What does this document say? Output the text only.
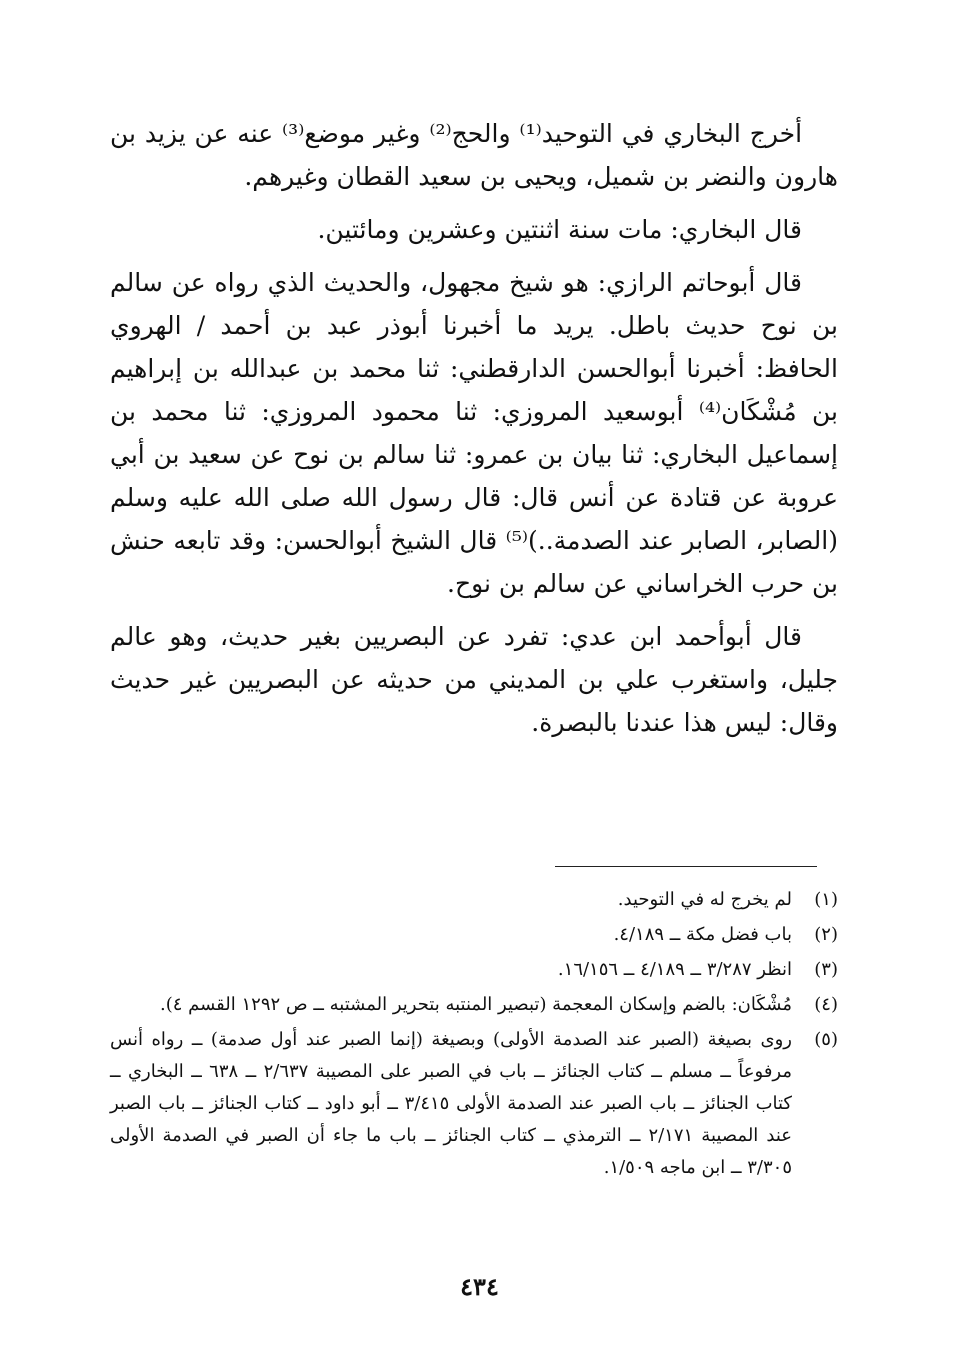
أخرج البخاري في التوحيد⁽¹⁾ والحج⁽²⁾ وغير موضع⁽³⁾ عنه عن يزيد بن هارون والنضر بن شميل، ويحيى بن سعيد القطان وغيرهم.

قال البخاري: مات سنة اثنتين وعشرين ومائتين.

قال أبوحاتم الرازي: هو شيخ مجهول، والحديث الذي رواه عن سالم بن نوح حديث باطل. يريد ما أخبرنا أبوذر عبد بن أحمد / الهروي الحافظ: أخبرنا أبوالحسن الدارقطني: ثنا محمد بن عبدالله بن إبراهيم بن مُشْكَان⁽⁴⁾ أبوسعيد المروزي: ثنا محمود المروزي: ثنا محمد بن إسماعيل البخاري: ثنا بيان بن عمرو: ثنا سالم بن نوح عن سعيد بن أبي عروبة عن قتادة عن أنس قال: قال رسول الله صلى الله عليه وسلم (الصابر، الصابر عند الصدمة..)⁽⁵⁾ قال الشيخ أبوالحسن: وقد تابعه حنش بن حرب الخراساني عن سالم بن نوح.

قال أبوأحمد ابن عدي: تفرد عن البصريين بغير حديث، وهو عالم جليل، واستغرب علي بن المديني من حديثه عن البصريين غير حديث وقال: ليس هذا عندنا بالبصرة.

(١)
لم يخرج له في التوحيد.
(٢)
باب فضل مكة ــ ٤/١٨٩.
(٣)
انظر ٣/٢٨٧ ــ ٤/١٨٩ ــ ١٦/١٥٦.
(٤)
مُشْكَان: بالضم وإسكان المعجمة (تبصير المنتبه بتحرير المشتبه ــ ص ١٢٩٢ القسم ٤).
(٥)
روى بصيغة (الصبر عند الصدمة الأولى) وبصيغة (إنما الصبر عند أول صدمة) ــ رواه أنس مرفوعاً ــ مسلم ــ كتاب الجنائز ــ باب في الصبر على المصيبة ٢/٦٣٧ ــ ٦٣٨ ــ البخاري ــ كتاب الجنائز ــ باب الصبر عند الصدمة الأولى ٣/٤١٥ ــ أبو داود ــ كتاب الجنائز ــ باب الصبر عند المصيبة ٢/١٧١ ــ الترمذي ــ كتاب الجنائز ــ باب ما جاء أن الصبر في الصدمة الأولى ٣/٣٠٥ ــ ابن ماجه ١/٥٠٩.
٤٣٤
